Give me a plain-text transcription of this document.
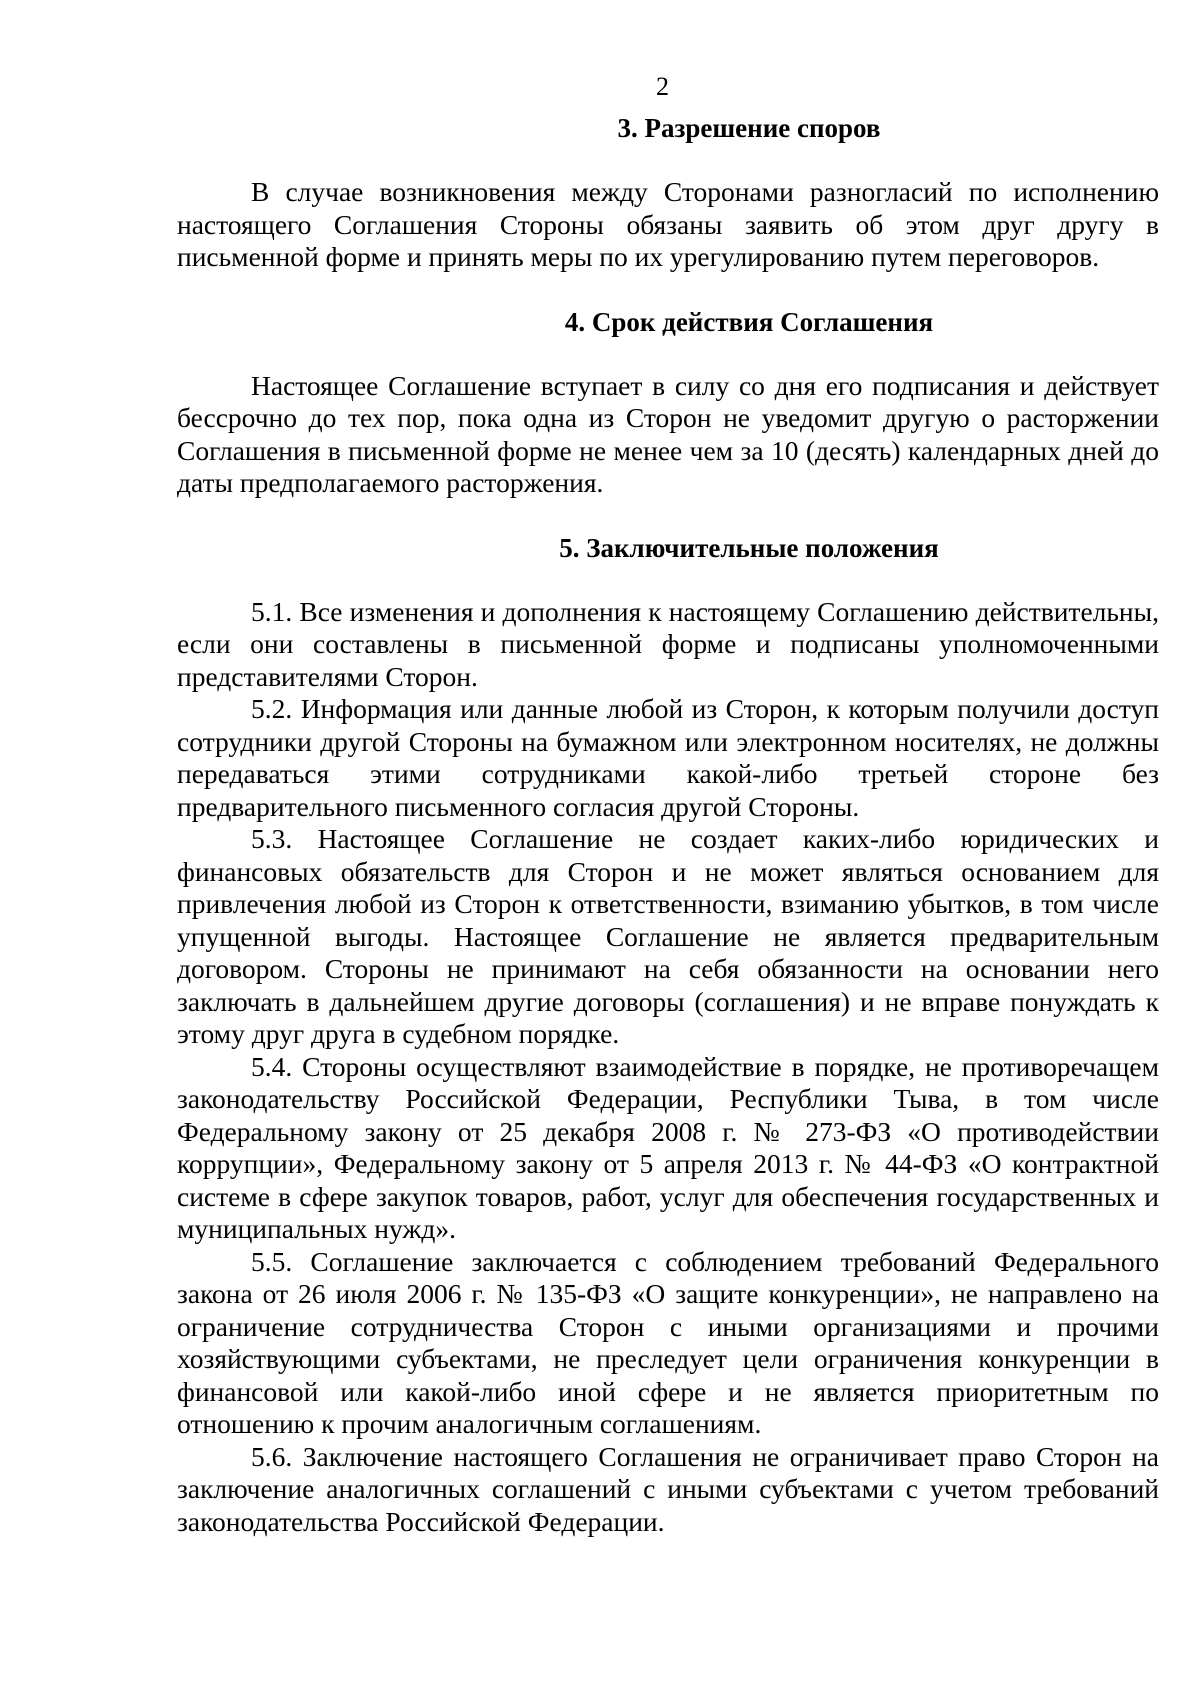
2
3. Разрешение споров

В случае возникновения между Сторонами разногласий по исполнению настоящего Соглашения Стороны обязаны заявить об этом друг другу в письменной форме и принять меры по их урегулированию путем переговоров.

4. Срок действия Соглашения

Настоящее Соглашение вступает в силу со дня его подписания и действует бессрочно до тех пор, пока одна из Сторон не уведомит другую о расторжении Соглашения в письменной форме не менее чем за 10 (десять) календарных дней до даты предполагаемого расторжения.

5. Заключительные положения

5.1. Все изменения и дополнения к настоящему Соглашению действительны, если они составлены в письменной форме и подписаны уполномоченными представителями Сторон.

5.2. Информация или данные любой из Сторон, к которым получили доступ сотрудники другой Стороны на бумажном или электронном носителях, не должны передаваться этими сотрудниками какой-либо третьей стороне без предварительного письменного согласия другой Стороны.

5.3. Настоящее Соглашение не создает каких-либо юридических и финансовых обязательств для Сторон и не может являться основанием для привлечения любой из Сторон к ответственности, взиманию убытков, в том числе упущенной выгоды. Настоящее Соглашение не является предварительным договором. Стороны не принимают на себя обязанности на основании него заключать в дальнейшем другие договоры (соглашения) и не вправе понуждать к этому друг друга в судебном порядке.

5.4. Стороны осуществляют взаимодействие в порядке, не противоречащем законодательству Российской Федерации, Республики Тыва, в том числе Федеральному закону от 25 декабря 2008 г. № 273-ФЗ «О противодействии коррупции», Федеральному закону от 5 апреля 2013 г. № 44-ФЗ «О контрактной системе в сфере закупок товаров, работ, услуг для обеспечения государственных и муниципальных нужд».

5.5. Соглашение заключается с соблюдением требований Федерального закона от 26 июля 2006 г. № 135-ФЗ «О защите конкуренции», не направлено на ограничение сотрудничества Сторон с иными организациями и прочими хозяйствующими субъектами, не преследует цели ограничения конкуренции в финансовой или какой-либо иной сфере и не является приоритетным по отношению к прочим аналогичным соглашениям.

5.6. Заключение настоящего Соглашения не ограничивает право Сторон на заключение аналогичных соглашений с иными субъектами с учетом требований законодательства Российской Федерации.
